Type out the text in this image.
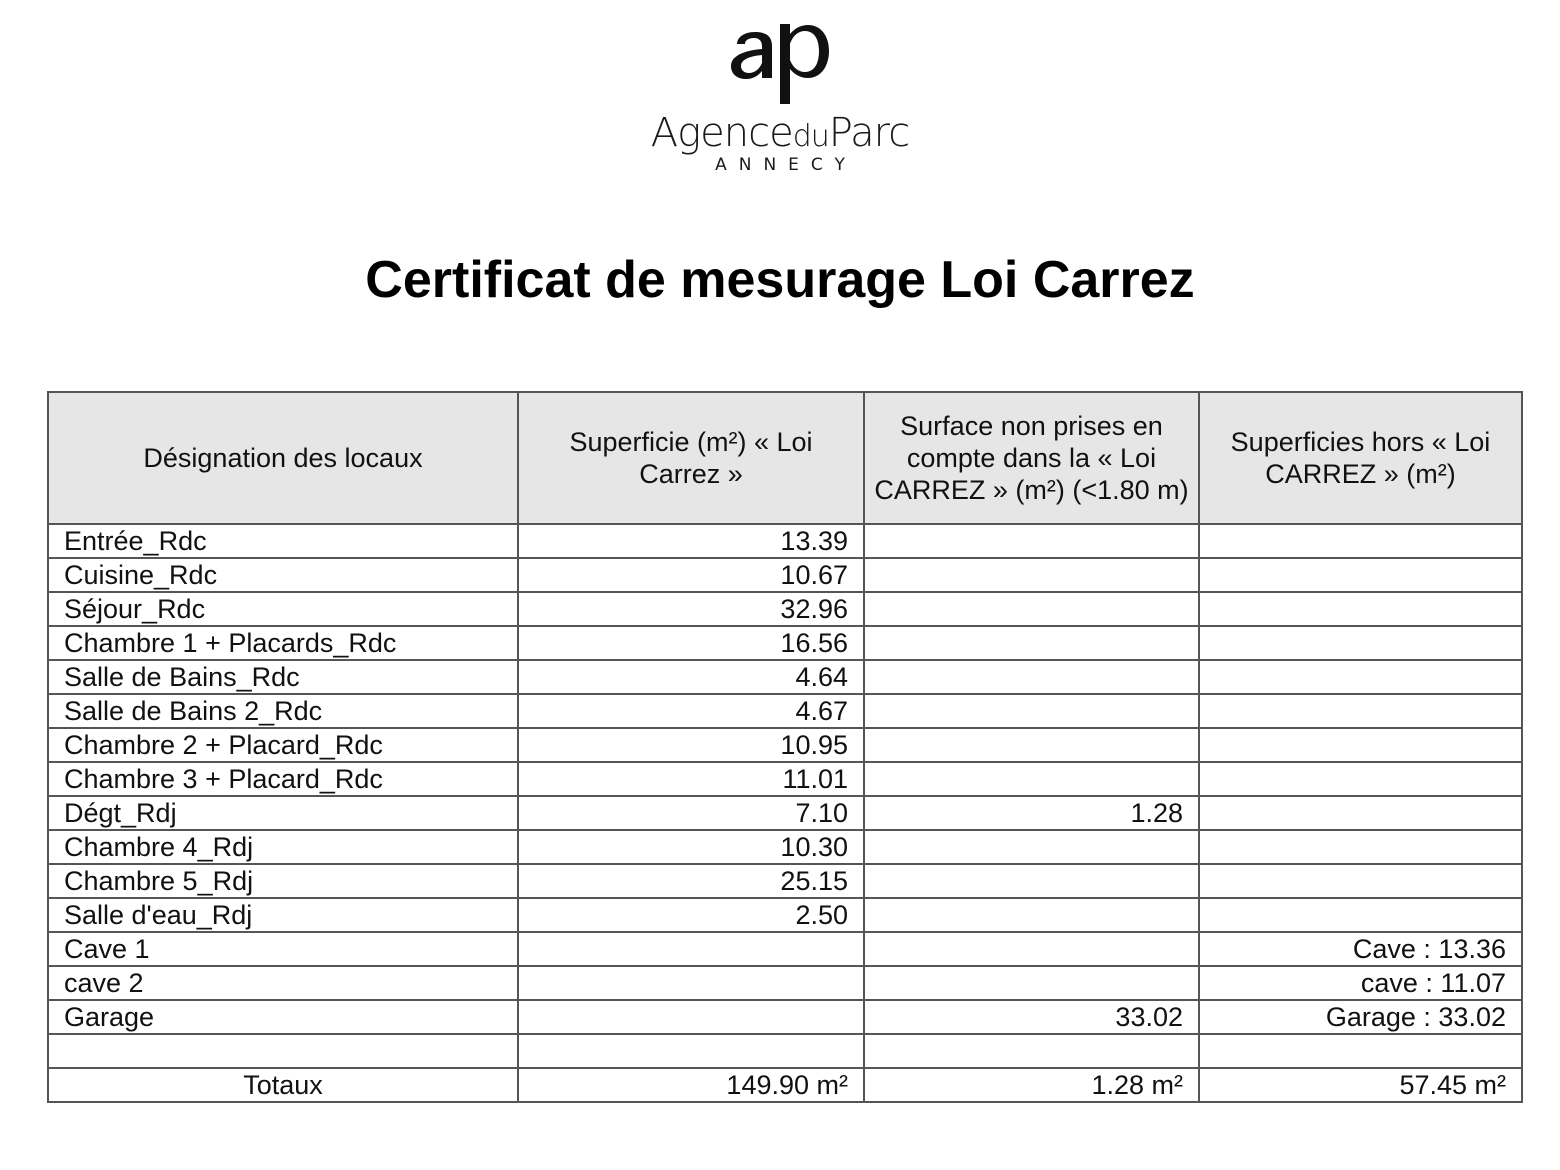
AgenceduParc
ANNECY
Certificat de mesurage Loi Carrez
Désignation des locaux	Superficie (m²) « Loi Carrez »	Surface non prises en compte dans la « Loi CARREZ » (m²) (<1.80 m)	Superficies hors « Loi CARREZ » (m²)
Entrée_Rdc	13.39		
Cuisine_Rdc	10.67		
Séjour_Rdc	32.96		
Chambre 1 + Placards_Rdc	16.56		
Salle de Bains_Rdc	4.64		
Salle de Bains 2_Rdc	4.67		
Chambre 2 + Placard_Rdc	10.95		
Chambre 3 + Placard_Rdc	11.01		
Dégt_Rdj	7.10	1.28	
Chambre 4_Rdj	10.30		
Chambre 5_Rdj	25.15		
Salle d'eau_Rdj	2.50		
Cave 1			Cave : 13.36
cave 2			cave : 11.07
Garage		33.02	Garage : 33.02

Totaux	149.90 m²	1.28 m²	57.45 m²
